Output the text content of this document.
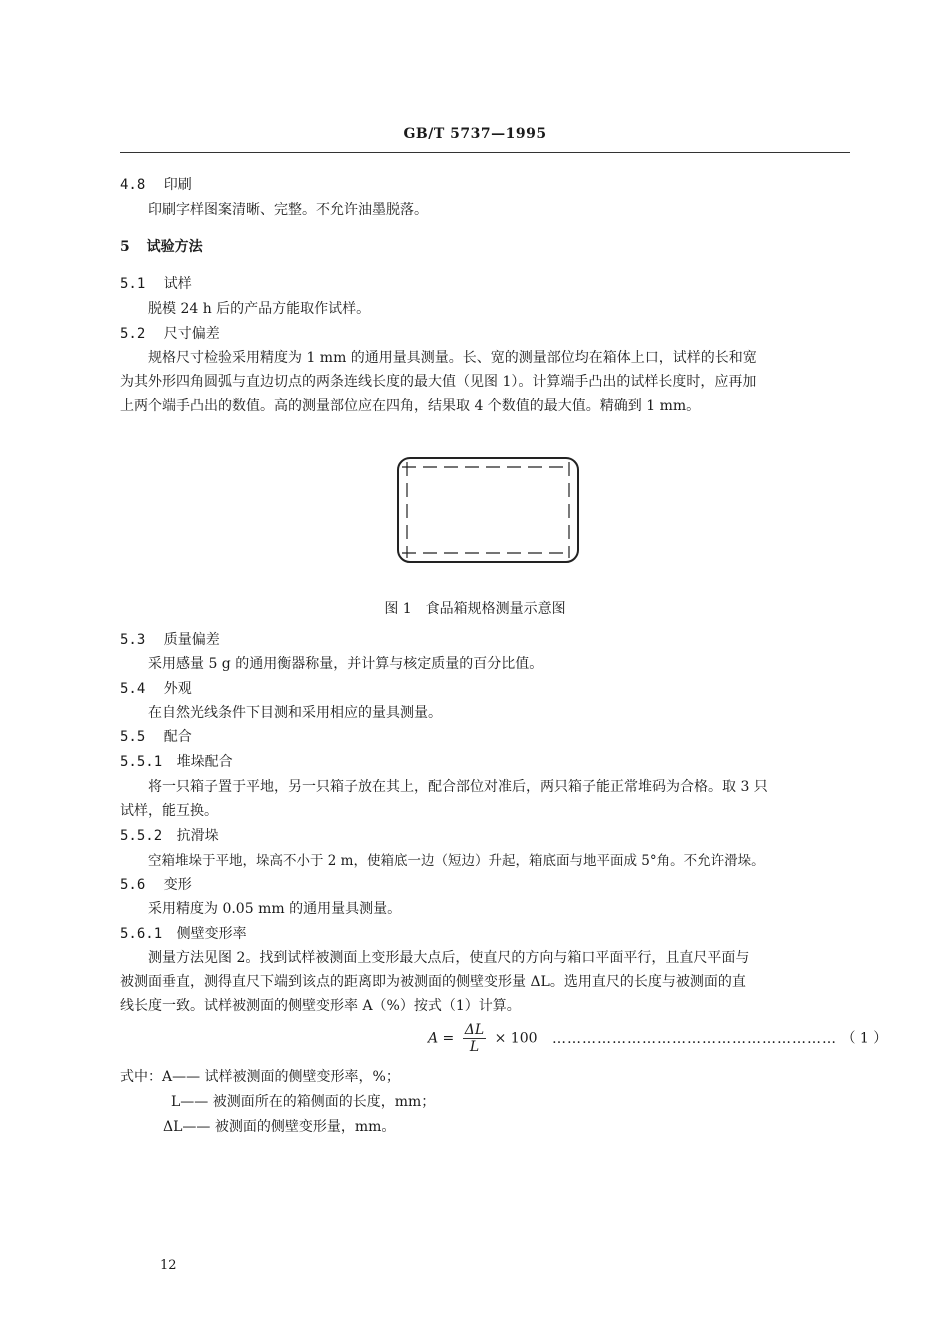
GB/T 5737—1995
4.8 印刷
印刷字样图案清晰、完整。不允许油墨脱落。
5 试验方法
5.1 试样
脱模 24 h 后的产品方能取作试样。
5.2 尺寸偏差
规格尺寸检验采用精度为 1 mm 的通用量具测量。长、宽的测量部位均在箱体上口，试样的长和宽
为其外形四角圆弧与直边切点的两条连线长度的最大值（见图 1）。计算端手凸出的试样长度时，应再加
上两个端手凸出的数值。高的测量部位应在四角，结果取 4 个数值的最大值。精确到 1 mm。
图 1　食品箱规格测量示意图
5.3 质量偏差
采用感量 5 g 的通用衡器称量，并计算与核定质量的百分比值。
5.4 外观
在自然光线条件下目测和采用相应的量具测量。
5.5 配合
5.5.1 堆垛配合
将一只箱子置于平地，另一只箱子放在其上，配合部位对准后，两只箱子能正常堆码为合格。取 3 只
试样，能互换。
5.5.2 抗滑垛
空箱堆垛于平地，垛高不小于 2 m，使箱底一边（短边）升起，箱底面与地平面成 5°角。不允许滑垛。
5.6 变形
采用精度为 0.05 mm 的通用量具测量。
5.6.1 侧壁变形率
测量方法见图 2。找到试样被测面上变形最大点后，使直尺的方向与箱口平面平行，且直尺平面与
被测面垂直，测得直尺下端到该点的距离即为被测面的侧壁变形量 ΔL。选用直尺的长度与被测面的直
线长度一致。试样被测面的侧壁变形率 A（%）按式（1）计算。
$A = \frac{\Delta L}{L} \times 100$ ………………………………………………… （ 1 ）
式中：A—— 试样被测面的侧壁变形率，%；
L—— 被测面所在的箱侧面的长度，mm；
ΔL—— 被测面的侧壁变形量，mm。
12
